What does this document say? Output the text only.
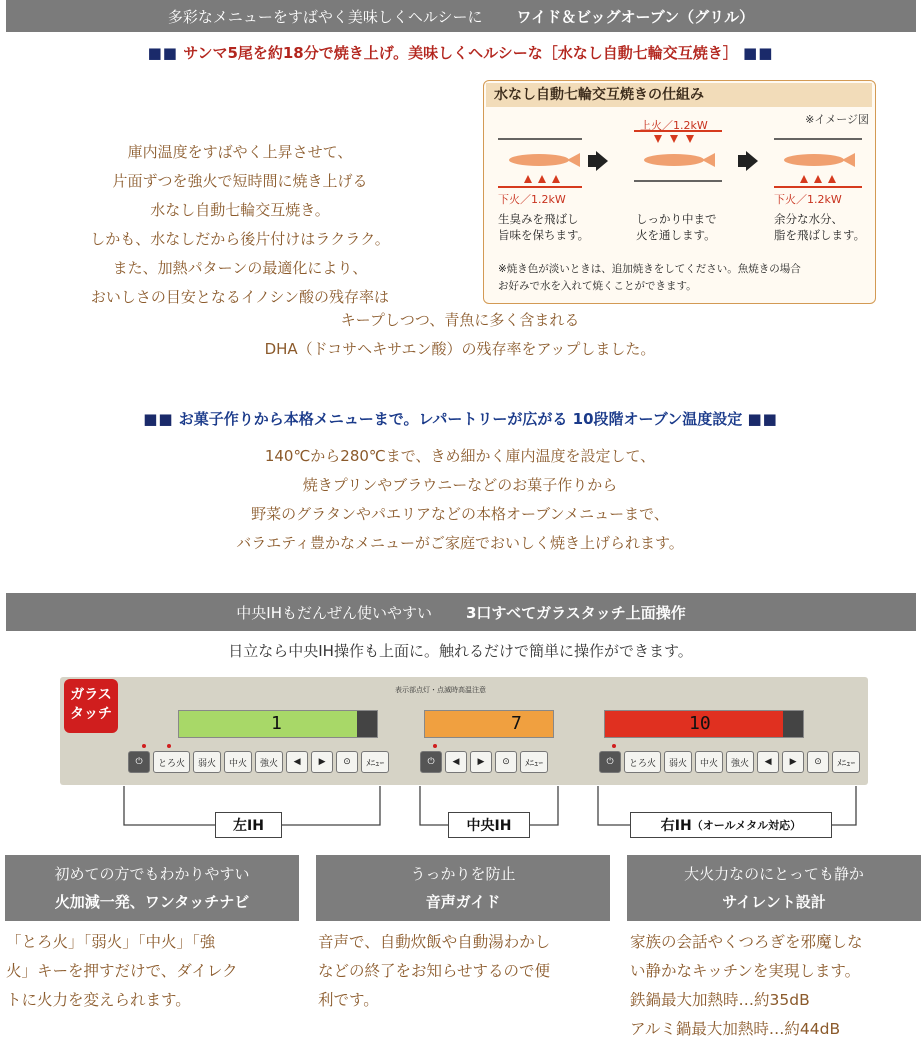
多彩なメニューをすばやく美味しくヘルシーに ワイド＆ビッグオーブン（グリル）
■■ サンマ5尾を約18分で焼き上げ。美味しくヘルシーな［水なし自動七輪交互焼き］ ■■
庫内温度をすばやく上昇させて、
片面ずつを強火で短時間に焼き上げる
水なし自動七輪交互焼き。
しかも、水なしだから後片付けはラクラク。
また、加熱パターンの最適化により、
おいしさの目安となるイノシン酸の残存率は
キープしつつ、青魚に多く含まれる
DHA（ドコサヘキサエン酸）の残存率をアップしました。
水なし自動七輪交互焼きの仕組み
※イメージ図
上火／1.2kW
下火／1.2kW	下火／1.2kW
生臭みを飛ばし
旨味を保ちます。
しっかり中まで
火を通します。
余分な水分、
脂を飛ばします。
※焼き色が淡いときは、追加焼きをしてください。魚焼きの場合
お好みで水を入れて焼くことができます。
■■ お菓子作りから本格メニューまで。レパートリーが広がる 10段階オーブン温度設定 ■■
140℃から280℃まで、きめ細かく庫内温度を設定して、
焼きプリンやブラウニーなどのお菓子作りから
野菜のグラタンやパエリアなどの本格オーブンメニューまで、
バラエティ豊かなメニューがご家庭でおいしく焼き上げられます。
中央IHもだんぜん使いやすい 3口すべてガラスタッチ上面操作
日立なら中央IH操作も上面に。触れるだけで簡単に操作ができます。
ガラス
タッチ
表示部点灯・点滅時高温注意
1	7	10
⏻	とろ火	弱火	中火	強火	◀	▶	⊙	ﾒﾆｭｰ	⏻	◀	▶	⊙	ﾒﾆｭｰ	⏻	とろ火	弱火	中火	強火	◀	▶	⊙	ﾒﾆｭｰ
左IH	中央IH	右IH （オールメタル対応）
初めての方でもわかりやすい
火加減一発、ワンタッチナビ
うっかりを防止
音声ガイド
大火力なのにとっても静か
サイレント設計
「とろ火」「弱火」「中火」「強
火」キーを押すだけで、ダイレク
トに火力を変えられます。
音声で、自動炊飯や自動湯わかし
などの終了をお知らせするので便
利です。
家族の会話やくつろぎを邪魔しな
い静かなキッチンを実現します。
鉄鍋最大加熱時…約35dB
アルミ鍋最大加熱時…約44dB
